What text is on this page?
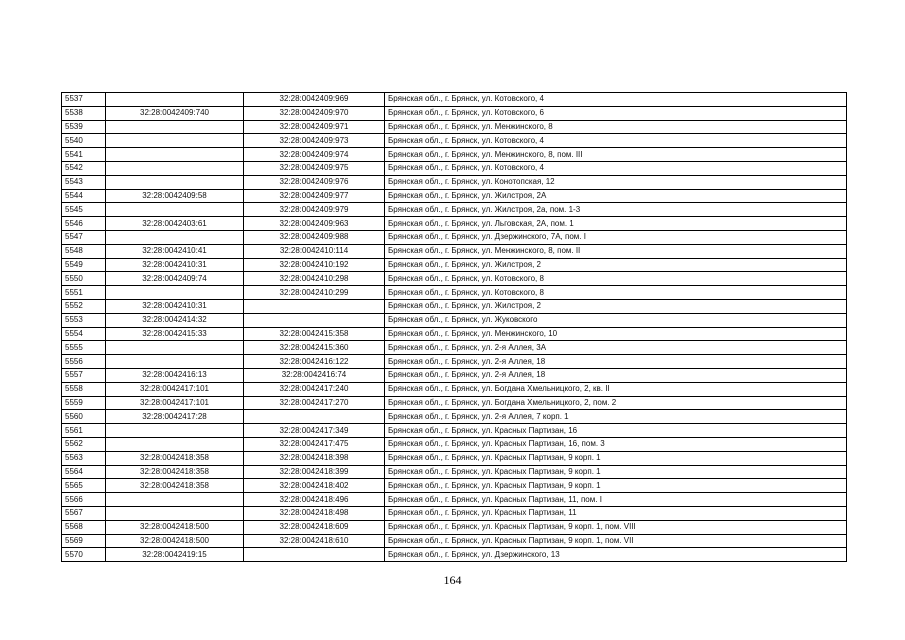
5537		32:28:0042409:969	Брянская обл., г. Брянск, ул. Котовского, 4
5538	32:28:0042409:740	32:28:0042409:970	Брянская обл., г. Брянск, ул. Котовского, 6
5539		32:28:0042409:971	Брянская обл., г. Брянск, ул. Менжинского, 8
5540		32:28:0042409:973	Брянская обл., г. Брянск, ул. Котовского, 4
5541		32:28:0042409:974	Брянская обл., г. Брянск, ул. Менжинского, 8, пом. III
5542		32:28:0042409:975	Брянская обл., г. Брянск, ул. Котовского, 4
5543		32:28:0042409:976	Брянская обл., г. Брянск, ул. Конотопская, 12
5544	32:28:0042409:58	32:28:0042409:977	Брянская обл., г. Брянск, ул. Жилстроя, 2А
5545		32:28:0042409:979	Брянская обл., г. Брянск, ул. Жилстроя, 2а, пом. 1-3
5546	32:28:0042403:61	32:28:0042409:963	Брянская обл., г. Брянск, ул. Льговская, 2А, пом. 1
5547		32:28:0042409:988	Брянская обл., г. Брянск, ул. Дзержинского, 7А, пом. I
5548	32:28:0042410:41	32:28:0042410:114	Брянская обл., г. Брянск, ул. Менжинского, 8, пом. II
5549	32:28:0042410:31	32:28:0042410:192	Брянская обл., г. Брянск, ул. Жилстроя, 2
5550	32:28:0042409:74	32:28:0042410:298	Брянская обл., г. Брянск, ул. Котовского, 8
5551		32:28:0042410:299	Брянская обл., г. Брянск, ул. Котовского, 8
5552	32:28:0042410:31		Брянская обл., г. Брянск, ул. Жилстроя, 2
5553	32:28:0042414:32		Брянская обл., г. Брянск, ул. Жуковского
5554	32:28:0042415:33	32:28:0042415:358	Брянская обл., г. Брянск, ул. Менжинского, 10
5555		32:28:0042415:360	Брянская обл., г. Брянск, ул. 2-я Аллея, 3А
5556		32:28:0042416:122	Брянская обл., г. Брянск, ул. 2-я Аллея, 18
5557	32:28:0042416:13	32:28:0042416:74	Брянская обл., г. Брянск, ул. 2-я Аллея, 18
5558	32:28:0042417:101	32:28:0042417:240	Брянская обл., г. Брянск, ул. Богдана Хмельницкого, 2, кв. II
5559	32:28:0042417:101	32:28:0042417:270	Брянская обл., г. Брянск, ул. Богдана Хмельницкого, 2, пом. 2
5560	32:28:0042417:28		Брянская обл., г. Брянск, ул. 2-я Аллея, 7 корп. 1
5561		32:28:0042417:349	Брянская обл., г. Брянск, ул. Красных Партизан, 16
5562		32:28:0042417:475	Брянская обл., г. Брянск, ул. Красных Партизан, 16, пом. 3
5563	32:28:0042418:358	32:28:0042418:398	Брянская обл., г. Брянск, ул. Красных Партизан, 9 корп. 1
5564	32:28:0042418:358	32:28:0042418:399	Брянская обл., г. Брянск, ул. Красных Партизан, 9 корп. 1
5565	32:28:0042418:358	32:28:0042418:402	Брянская обл., г. Брянск, ул. Красных Партизан, 9 корп. 1
5566		32:28:0042418:496	Брянская обл., г. Брянск, ул. Красных Партизан, 11, пом. I
5567		32:28:0042418:498	Брянская обл., г. Брянск, ул. Красных Партизан, 11
5568	32:28:0042418:500	32:28:0042418:609	Брянская обл., г. Брянск, ул. Красных Партизан, 9 корп. 1, пом. VIII
5569	32:28:0042418:500	32:28:0042418:610	Брянская обл., г. Брянск, ул. Красных Партизан, 9 корп. 1, пом. VII
5570	32:28:0042419:15		Брянская обл., г. Брянск, ул. Дзержинского, 13
164
